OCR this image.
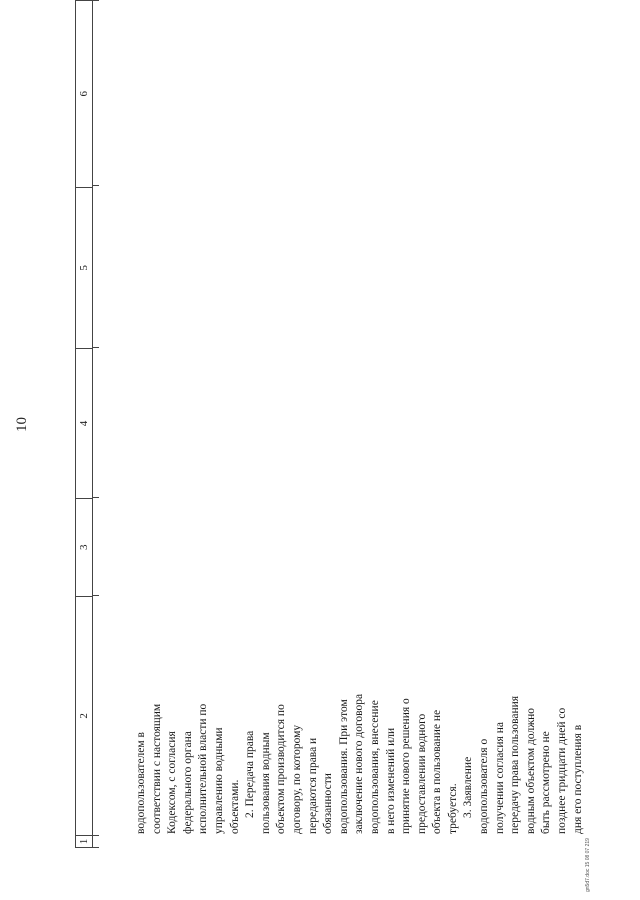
10
1
2
3
4
5
6

водопользователем в соответствии с настоящим Кодексом, с согласия федерального органа исполнительной власти по управлению водными объектами. 2. Передача права пользования водным объектом производится по договору, по которому передаются права и обязанности водопользования. При этом заключение нового договора водопользования, внесение в него изменений или принятие нового решения о предоставлении водного объекта в пользование не требуется. 3. Заявление водопользователя о получении согласия на передачу права пользования водным объектом должно быть рассмотрено не позднее тридцати дней со дня его поступления в

gn5d7.doc 15 08 07 219
